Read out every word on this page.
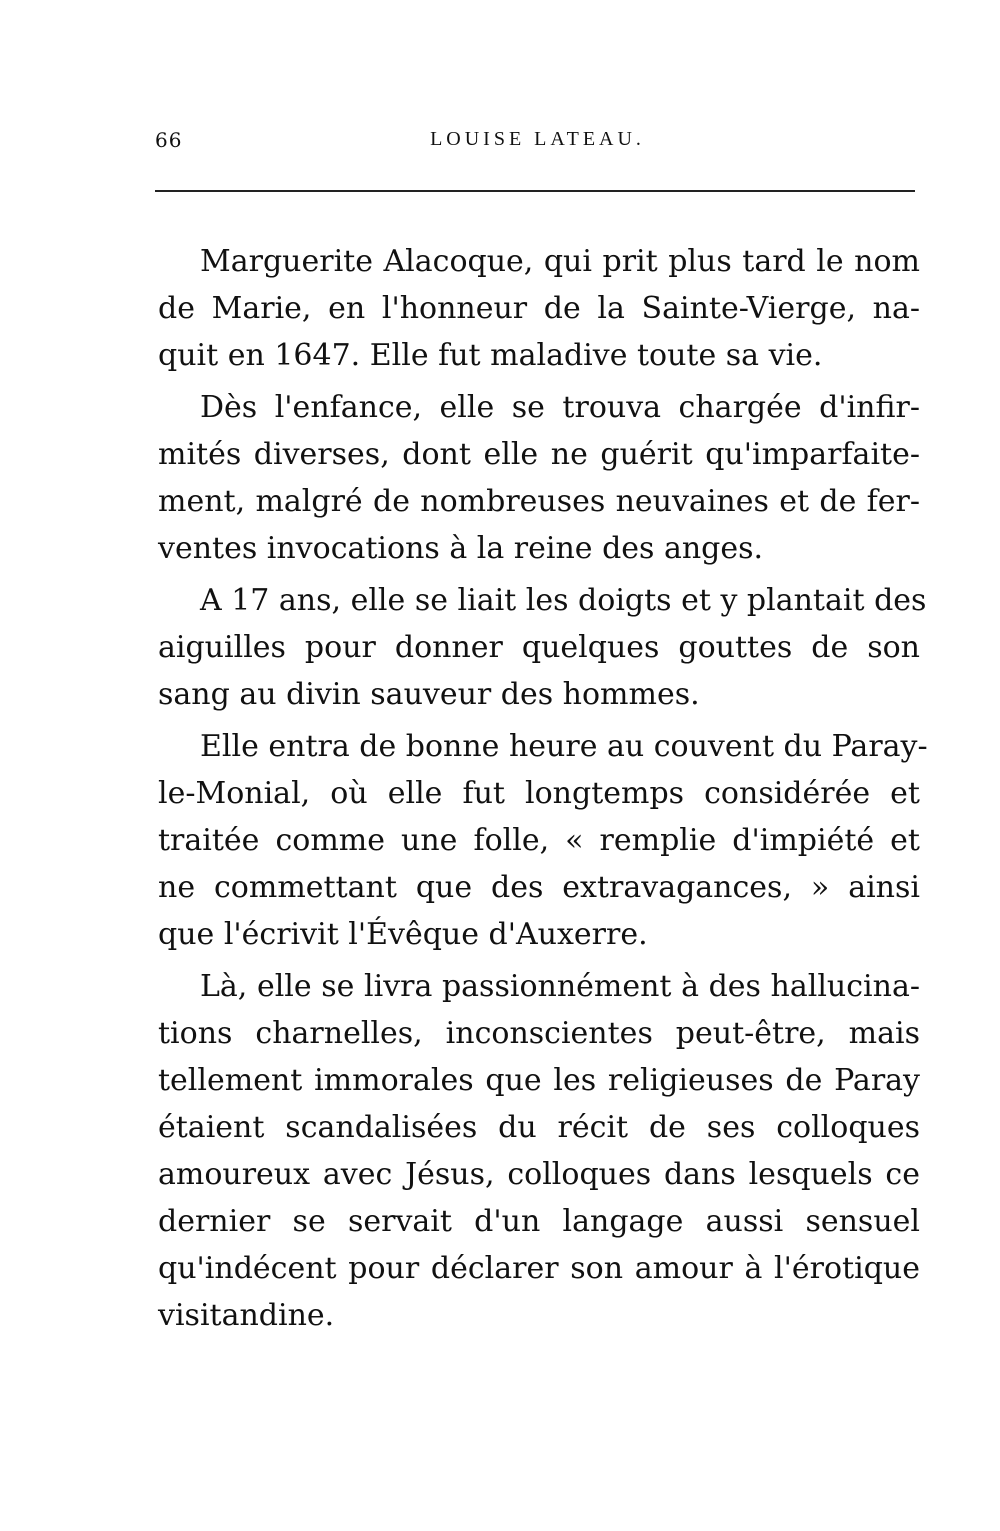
66	LOUISE LATEAU.
Marguerite Alacoque, qui prit plus tard le nom
de Marie, en l'honneur de la Sainte-Vierge, na-
quit en 1647. Elle fut maladive toute sa vie.
Dès l'enfance, elle se trouva chargée d'infir-
mités diverses, dont elle ne guérit qu'imparfaite-
ment, malgré de nombreuses neuvaines et de fer-
ventes invocations à la reine des anges.
A 17 ans, elle se liait les doigts et y plantait des
aiguilles pour donner quelques gouttes de son
sang au divin sauveur des hommes.
Elle entra de bonne heure au couvent du Paray-
le-Monial, où elle fut longtemps considérée et
traitée comme une folle, « remplie d'impiété et
ne commettant que des extravagances, » ainsi
que l'écrivit l'Évêque d'Auxerre.
Là, elle se livra passionnément à des hallucina-
tions charnelles, inconscientes peut-être, mais
tellement immorales que les religieuses de Paray
étaient scandalisées du récit de ses colloques
amoureux avec Jésus, colloques dans lesquels ce
dernier se servait d'un langage aussi sensuel
qu'indécent pour déclarer son amour à l'érotique
visitandine.
